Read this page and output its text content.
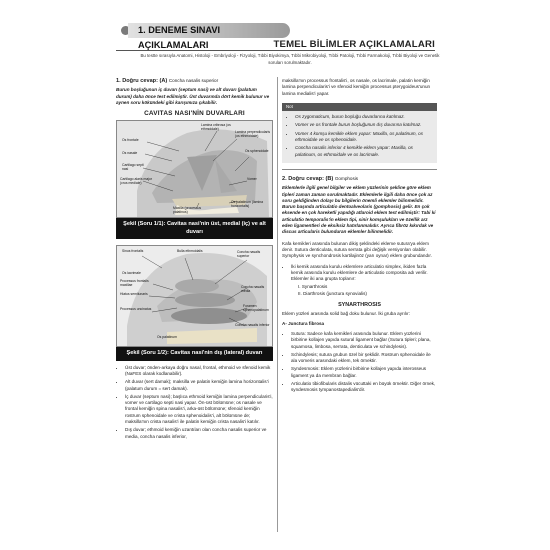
1. DENEME SINAVI AÇIKLAMALARI	TEMEL BİLİMLER AÇIKLAMALARI
Bu testte sırasıyla Anatomi, Histoloji - Embriyoloji - Fizyoloji, Tıbbi Biyokimya, Tıbbi Mikrobiyoloji, Tıbbi Patoloji, Tıbbi Farmakoloji, Tıbbi Biyoloji ve Genetik soruları sorulmaktadır.
1. Doğru cevap: (A) Concha nasalis superior
Burun boşluğunun iç duvarı (septum nasi) ve alt duvarı (palatum durum) daha önce test edilmiştir. Üst duvarında dört kemik bulunur ve aynen soru kökündeki gibi karışımıza çıkabilir.
CAVITAS NASI'NİN DUVARLARI
Os frontale
Os nasale
Cartilago septi nasi
Cartilago alaris major (crus mediale)
Lamina cribrosa (os ethmoidale)
Lamina perpendicularis (os ethmoidale)
Os sphenoidale
Vomer
Os palatinum (lamina horizontalis)
Maxilla (processus palatinus)
Şekil (Soru 1/1): Cavitas nasi'nin üst, medial (iç) ve alt duvarı
Sinus frontalis	Bulla ethmoidalis	Concha nasalis superior
Os lacrimale
Processus frontalis maxillae
Hiatus semilunaris
Processus uncinatus
Concha nasalis media
Foramen sphenopalatinum
Concha nasalis inferior
Os palatinum
Şekil (Soru 1/2): Cavitas nasi'nin dış (lateral) duvarı
• Üst duvar; önden-arkaya doğru nasal, frontal, ethmoid ve sfenoid kemik (NaFES olarak kodlanabilir).
• Alt duvar (sert damak); maksilla ve palatin kemiğin lamina horizontalis'i (palatum durum = sert damak).
• İç duvar (septum nasi); başlıca ethmoid kemiğin lamina perpendicularis'i, vomer ve cartilago septi nasi yapar. Ön-üst bölümüne; os nasale ve frontal kemiğin spina nasalis'i, arka-üst bölümüne; sfenoid kemiğin rostrum sphenoidale ve crista sphenoidalis'i, alt bölümüne de; maksilla'nın crista nasalis'i ile palatin kemiğin crista nasalis'i katılır.
• Dış duvar; ethmoid kemiğin uzantıları olan concha nasalis superior ve media, concha nasalis inferior,
maksilla'nın processus frontalis'i, os nasale, os lacrimale, palatin kemiğin lamina perpendicularis'i ve sfenoid kemiğin processus pterygoideus'unun lamina medialis'i yapar.
Not
• Os zygomaticum, burun boşluğu duvarlarına katılmaz.
• Vomer ve os frontale burun boşluğunun dış duvarına katılmaz.
• Vomer 4 komşu kemikle eklem yapar: Maxilla, os palatinum, os ethmoidale ve os sphenoidale.
• Concha nasalis inferior 4 kemikle eklem yapar: Maxilla, os palatinum, os ethmoidale ve os lacrimale.
2. Doğru cevap: (B) Gomphosis
Eklemlerle ilgili genel bilgiler ve eklem yüzlerinin şekline göre eklem tipleri zaman zaman sorulmaktadır. Eklemlerle ilgili daha önce çok az soru geldiğinden dolayı bu bilgilerin önemli eklemler bilinmelidir. Burun başında articulatio dentoalveolaris (gomphosis) gelir. En çok eksende en çok hareketli yapıdığı atlaroid eklem test edilmiştir: Tabi ki articulatio temporalis'in eklem tipi, sinir komşulukları ve özellik arz eden ligamentleri de eksiksiz hatırlanmalıdır. Ayrıca fibröz kıkırdak ve discus articularis bulunduran eklemler bilinmelidir.
Kafa kemikleri arasında bulunan dikiş şeklindeki ekleme sutura'ya eklem denir. Sutura denticulata, sutura serrata gibi değişik versiyonları olabilir. Symphysis ve synchondrosis kartilajinöz (yarı oynar) eklem grubundandır.
• İki kemik arasında kurulu eklemlere articulatio simplex, ikiden fazla kemik arasında kurulu eklemlere de articulatio composita adı verilir. Eklemler iki ana grupta toplanır:
I. Synarthrosis
II. Diarthrosis (junctura synovialis)
SYNARTHROSIS
Eklem yüzleri arasında solid bağ doku bulunur. İki gruba ayrılır:
A- Junctura fibrosa
• Sutura: Sadece kafa kemikleri arasında bulunur. Eklem yüzlerini birbirine kollajen yapıda sutural ligament bağlar (Sutura tipleri; plana, squamosa, limbosa, serrata, denticulata ve schindylesis).
• Schindylesis; sutura grubun özel bir şeklidir. Rostrum sphenoidale ile ala vomeris arasındaki eklem, tek örnektir.
• Syndesmosis: Eklem yüzlerini birbirine kollajen yapıda interosseus ligament ya da membran bağlar.
• Articulatio tibiofibularis distalis vücuttaki en büyük örnektir. Diğer örnek, syndesmosis tympanostapedialis'dir.
